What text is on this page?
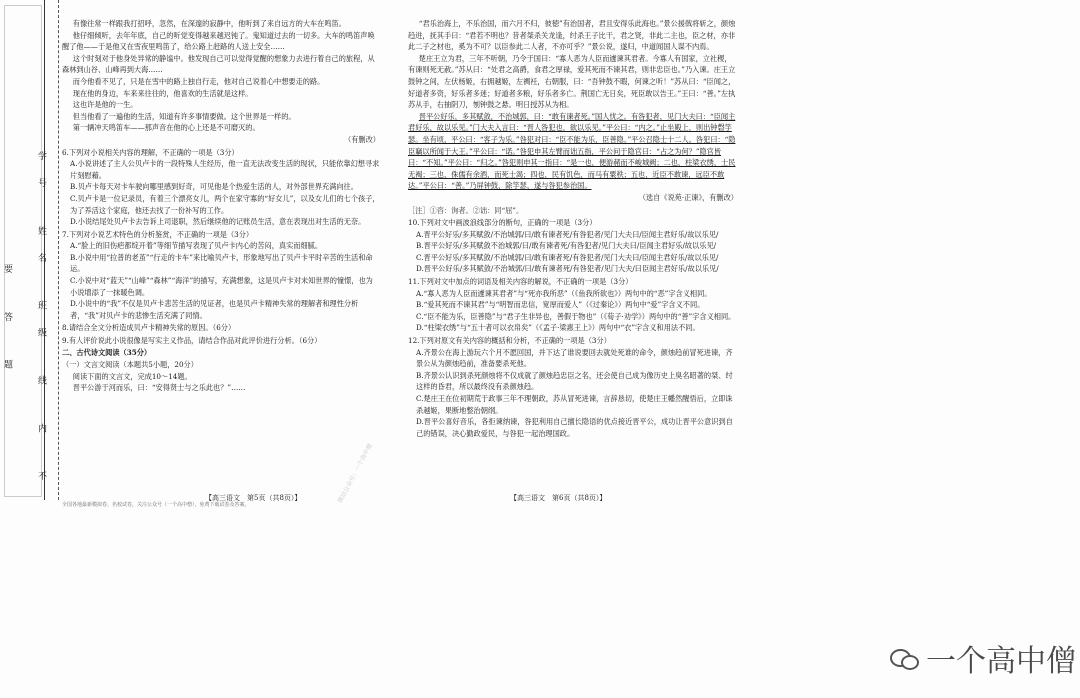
学号 姓名 班级 线 内 不 要 答 题

有像往常一样跟我打招呼，忽然，在深邃的寂静中，他听到了来自远方的大车在鸣笛。

他仔细倾听，去年年底，自己的听觉变得越来越迟钝了。鬼知道过去的一切多。大车的鸣笛声唤醒了他——于是他又在雪夜里鸣笛了，给公路上赶路的人送上安全……

这个时刻对于他身处异常的静谧中。他发现自己可以觉得觉醒的想象力去进行着自己的旅程，从森林到山谷、山峰再到大海……

而今他看不见了，只是在雪中的路上独自行走，他对自己说着心中想要走的路。

现在他的身边，车来来往往的，他喜欢的生活就是这样。

这也许是他的一生。

但当他看了一遍他的生活，知道有许多事情要做。这个世界是一样的。

第一辆冲天鸣笛车——那声音在他的心上还是不可磨灭的。

（有删改）

6.下列对小说相关内容的理解，不正确的一项是（3分）

A.小说讲述了主人公贝卢卡的一段特殊人生经历，他一直无法改变生活的现状，只能依靠幻想寻求片刻慰藉。

B.贝卢卡每天对卡车驶向哪里感到好奇，可见他是个热爱生活的人，对外部世界充满向往。

C.贝卢卡是一位记录员，有着三个漂亮女儿，两个在家守寡的“好女儿”，以及女儿们的七个孩子，为了养活这个家庭，他还去找了一份补写的工作。

D.小说结尾处贝卢卡去告诉上司退职，然后继续他的记账员生活，意在表现出对生活的无奈。

7.下列对小说艺术特色的分析鉴赏，不正确的一项是（3分）

A.“脸上的旧伤疤都绽开着”等细节描写表现了贝卢卡内心的苦闷，真实而细腻。

B.小说中用“拉普的老茧”“行走的卡车”来比喻贝卢卡，形象地写出了贝卢卡平时辛苦的生活和命运。

C.小说中对“蓝天”“山峰”“森林”“海洋”的描写，充满想象，这是贝卢卡对未知世界的憧憬，也为小说增添了一抹暖色调。

D.小说中的“我”不仅是贝卢卡悲苦生活的见证者，也是贝卢卡精神失常的理解者和理性分析者，“我”对贝卢卡的悲惨生活充满了同情。

8.请结合全文分析造成贝卢卡精神失常的原因。（6分）

9.有人评价说此小说很像是写实主义作品，请结合作品对此评价进行分析。（6分）

二、古代诗文阅读（35分）

（一）文言文阅读（本题共5小题，20分）

阅读下面的文言文，完成10～14题。

晋平公游于河而乐，曰：“安得贤士与之乐此也？”……

微信公众号：一个高中僧

“君乐治海上，不乐治国，而六月不归，彼徳”有治国者，君且安得乐此海也。”景公援戟将斩之，颜烛趋进，抚其手曰：“君若不明也？昔者桀杀关龙逢，纣杀王子比干，君之贤，非此二主也，臣之材，亦非此二子之材也，奚为不可？以臣参此二人者，不亦可乎？”景公说，遂归，中道闻国人谋不内焉。

楚庄王立为君，三年不听朝，乃令于国曰：“寡人恶为人臣而遽谏其君者。今寡人有国家，立社稷，有谏则死无赦。”苏从曰：“处君之高爵，食君之厚禄，爱其死而不谏其君，则非忠臣也。”乃入谏。庄王立鼓钟之间，左伏杨姬，右拥越姬，左裯衽，右朝服，曰：“吾钟鼓不暇，何谏之听！”苏从曰：“臣闻之，好道者多资，好乐者多迷；好道者多粮，好乐者多亡。荆国亡无日矣，死臣敢以告王。”王曰：“善。”左执苏从手，右抽阴刀，刎钟鼓之悬。明日授苏从为相。

晋平公好乐，多其赋敛，不治城郭，曰：“敢有谏者死。”国人忧之。有咎犯者，见门大夫曰：“臣闻主君好乐，故以乐见。”门大夫入言曰：“晋人咎犯也，欲以乐见。”平公曰：“内之。”止坐殿上，则出钟磬竽瑟。坐有顷，平公曰：“客子为乐。”咎犯对曰：“臣不能为乐，臣善隐。”平公召隐士十二人。咎犯曰：“隐臣竊以所闻于大王。”平公曰：“诺。”咎犯申其左臂而诎五指，平公问于隐官曰：“占之为何？”隐官皆曰：“不知。”平公曰：“归之。”咎犯则申其一指曰：“是一也，便游赭而不峻城阙；二也，柱梁衣绣，士民无褐；三也，侏儒有余酒，而死士渴；四也，民有饥色，而马有粟秩；五也，近臣不敢谏，远臣不敢达。”平公曰：“善。”乃屏钟鼓，除竽瑟，遂与咎犯参治国。

（选自《说苑·正谏》，有删改）

［注］①咨：询者。②诎：同“屈”。

10.下列对文中画波浪线部分的断句，正确的一项是（3分）

A.晋平公好乐/多其赋敛/不治城郭/曰/敢有谏者死/有咎犯者/见门大夫曰/臣闻主君好乐/故以乐见/

B.晋平公好乐/多其赋敛不治城郭/曰/敢有谏者死/有咎犯者/见门大夫曰/臣闻主君好乐/故以乐见/

C.晋平公好乐/多其赋敛/不治城郭/曰/敢有谏者死/有咎犯者/见门大夫曰/臣闻主君好乐/故以乐见/

D.晋平公好乐/多其赋敛/不治城郭/曰/敢有谏者死/有咎犯者/见门大夫/曰臣闻主君好乐/故以乐见/

11.下列对文中加点的词语及相关内容的解说，不正确的一项是（3分）

A.“寡人恶为人臣而遽谏其君者”与“死亦我所恶”（《鱼我所欲也》）两句中的“恶”字含义相同。

B.“爱其死而不谏其君”与“明智而忠信，宽厚而爱人”（《过秦论》）两句中“爱”字含义不同。

C.“臣不能为乐，臣善隐”与“君子生非异也，善假于物也”（《荀子·劝学》）两句中的“善”字含义相同。

D.“柱梁衣绣”与“五十者可以衣帛矣”（《孟子·梁惠王上》）两句中“衣”字含义和用法不同。

12.下列对原文有关内容的概括和分析，不正确的一项是（3分）

A.齐景公在海上游玩六个月不愿回国，并下达了谁说要回去就处死谁的命令，颜烛趋前冒死进谏，齐景公从为颜烛趋前，准备要杀死他。

B.齐景公认识到杀死颜烛将不仅成就了颜烛趋忠臣之名，还会使自己成为像历史上臭名昭著的桀、纣这样的昏君，所以最终没有杀颜烛趋。

C.楚庄王在位初期荒于政事三年不理朝政，苏从冒死进谏，言辞恳切，使楚庄王幡然醒悟后，立即诛杀越姬，果断地整治朝纲。

D.晋平公喜好音乐，各拒谏纳谏，咎犯利用自己擅长隐语的优点接近晋平公，成功让晋平公意识到自己的错误，决心勤政爱民，与咎犯一起治理国政。

【高三语文　第5页（共8页）】	【高三语文　第6页（共8页）】
全国各地最新模拟卷、名校试卷，关注公众号（一个高中僧），免费下载试卷及答案。
一个高中僧
